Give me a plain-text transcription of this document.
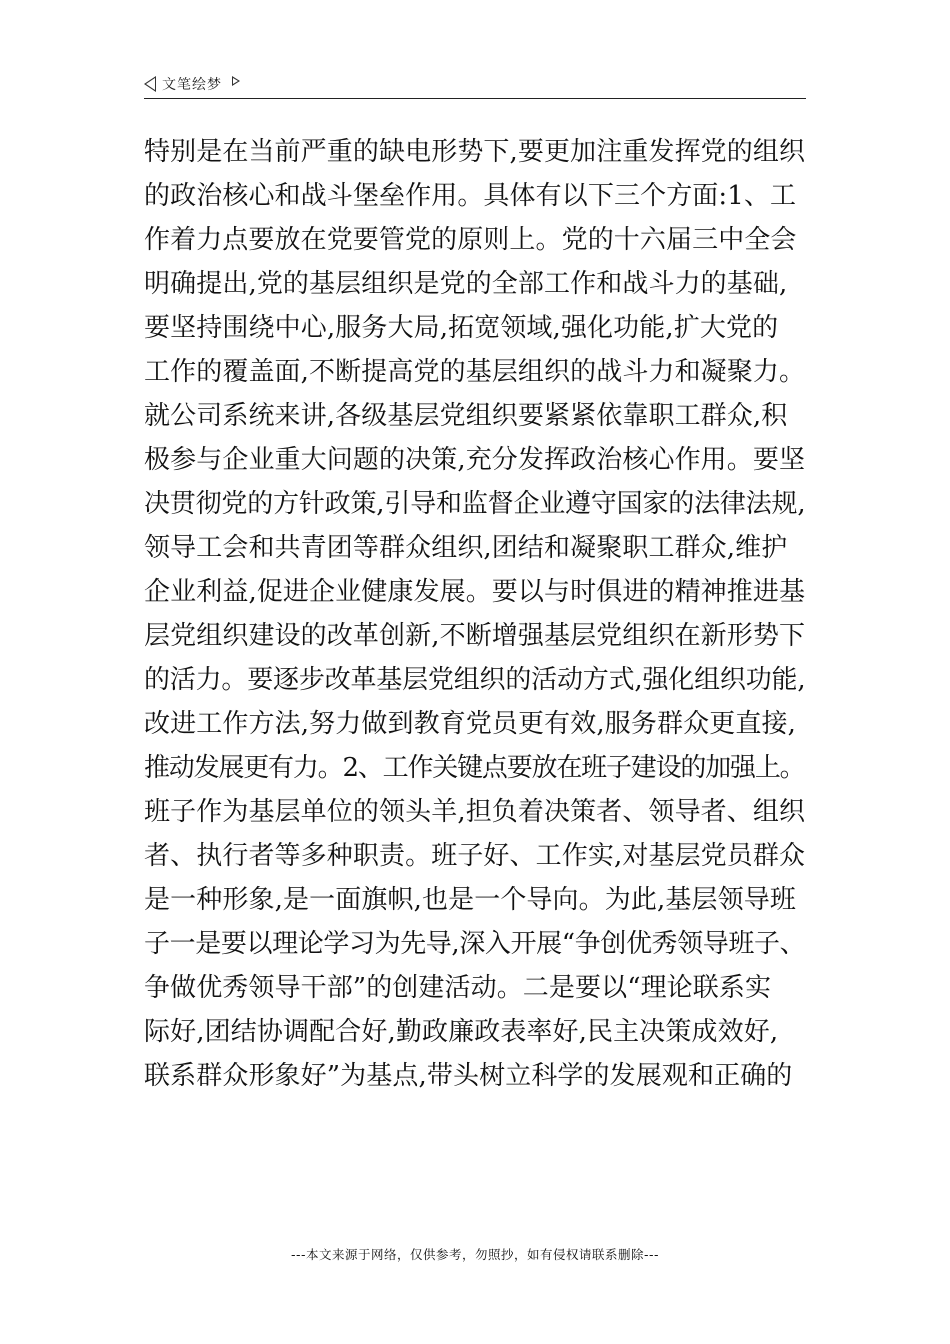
文笔绘梦
特别是在当前严重的缺电形势下,要更加注重发挥党的组织
的政治核心和战斗堡垒作用。具体有以下三个方面:1、工
作着力点要放在党要管党的原则上。党的十六届三中全会
明确提出,党的基层组织是党的全部工作和战斗力的基础,
要坚持围绕中心,服务大局,拓宽领域,强化功能,扩大党的
工作的覆盖面,不断提高党的基层组织的战斗力和凝聚力。
就公司系统来讲,各级基层党组织要紧紧依靠职工群众,积
极参与企业重大问题的决策,充分发挥政治核心作用。要坚
决贯彻党的方针政策,引导和监督企业遵守国家的法律法规,
领导工会和共青团等群众组织,团结和凝聚职工群众,维护
企业利益,促进企业健康发展。要以与时俱进的精神推进基
层党组织建设的改革创新,不断增强基层党组织在新形势下
的活力。要逐步改革基层党组织的活动方式,强化组织功能,
改进工作方法,努力做到教育党员更有效,服务群众更直接,
推动发展更有力。2、工作关键点要放在班子建设的加强上。
班子作为基层单位的领头羊,担负着决策者、领导者、组织
者、执行者等多种职责。班子好、工作实,对基层党员群众
是一种形象,是一面旗帜,也是一个导向。为此,基层领导班
子一是要以理论学习为先导,深入开展“争创优秀领导班子、
争做优秀领导干部”的创建活动。二是要以“理论联系实
际好,团结协调配合好,勤政廉政表率好,民主决策成效好,
联系群众形象好”为基点,带头树立科学的发展观和正确的
---本文来源于网络，仅供参考，勿照抄，如有侵权请联系删除---
